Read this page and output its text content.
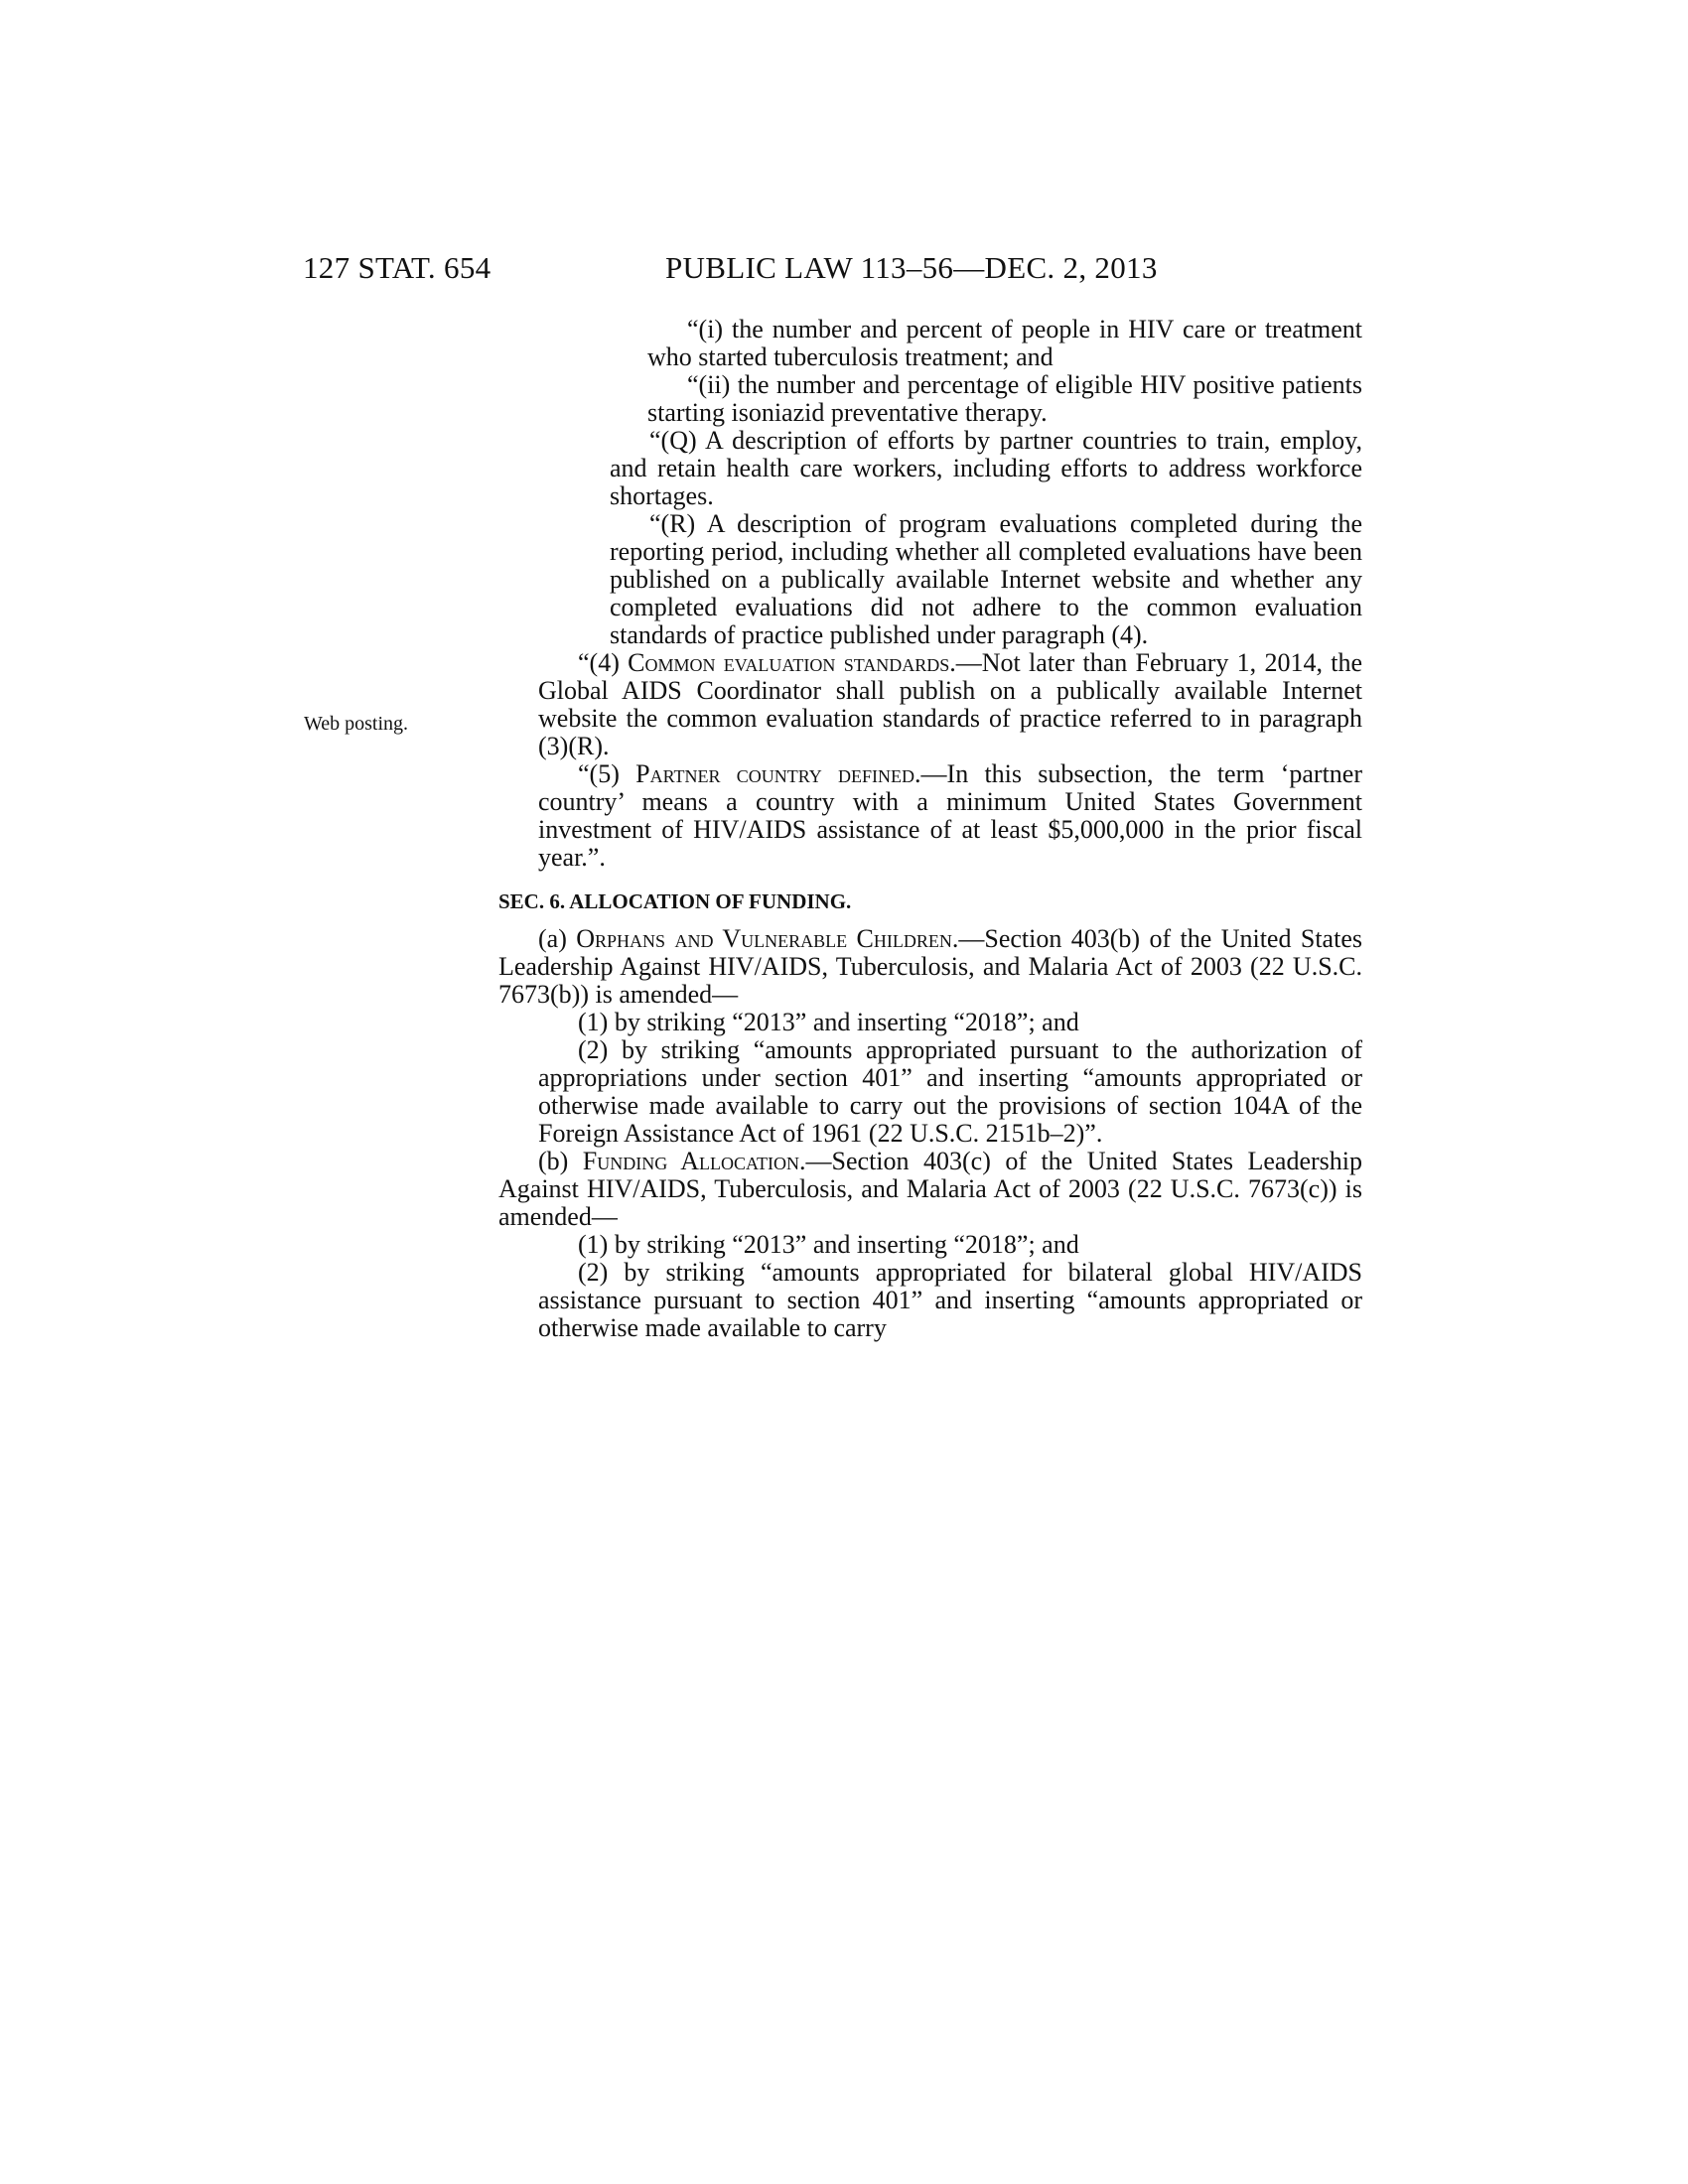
127 STAT. 654	PUBLIC LAW 113–56—DEC. 2, 2013
Web posting.

“(i) the number and percent of people in HIV care or treatment who started tuberculosis treatment; and

“(ii) the number and percentage of eligible HIV positive patients starting isoniazid preventative therapy.

“(Q) A description of efforts by partner countries to train, employ, and retain health care workers, including efforts to address workforce shortages.

“(R) A description of program evaluations completed during the reporting period, including whether all completed evaluations have been published on a publically available Internet website and whether any completed evaluations did not adhere to the common evaluation standards of practice published under paragraph (4).

“(4) Common evaluation standards.—Not later than February 1, 2014, the Global AIDS Coordinator shall publish on a publically available Internet website the common evaluation standards of practice referred to in paragraph (3)(R).

“(5) Partner country defined.—In this subsection, the term ‘partner country’ means a country with a minimum United States Government investment of HIV/AIDS assistance of at least $5,000,000 in the prior fiscal year.”.

SEC. 6. ALLOCATION OF FUNDING.

(a) Orphans and Vulnerable Children.—Section 403(b) of the United States Leadership Against HIV/AIDS, Tuberculosis, and Malaria Act of 2003 (22 U.S.C. 7673(b)) is amended—

(1) by striking “2013” and inserting “2018”; and

(2) by striking “amounts appropriated pursuant to the authorization of appropriations under section 401” and inserting “amounts appropriated or otherwise made available to carry out the provisions of section 104A of the Foreign Assistance Act of 1961 (22 U.S.C. 2151b–2)”.

(b) Funding Allocation.—Section 403(c) of the United States Leadership Against HIV/AIDS, Tuberculosis, and Malaria Act of 2003 (22 U.S.C. 7673(c)) is amended—

(1) by striking “2013” and inserting “2018”; and

(2) by striking “amounts appropriated for bilateral global HIV/AIDS assistance pursuant to section 401” and inserting “amounts appropriated or otherwise made available to carry
